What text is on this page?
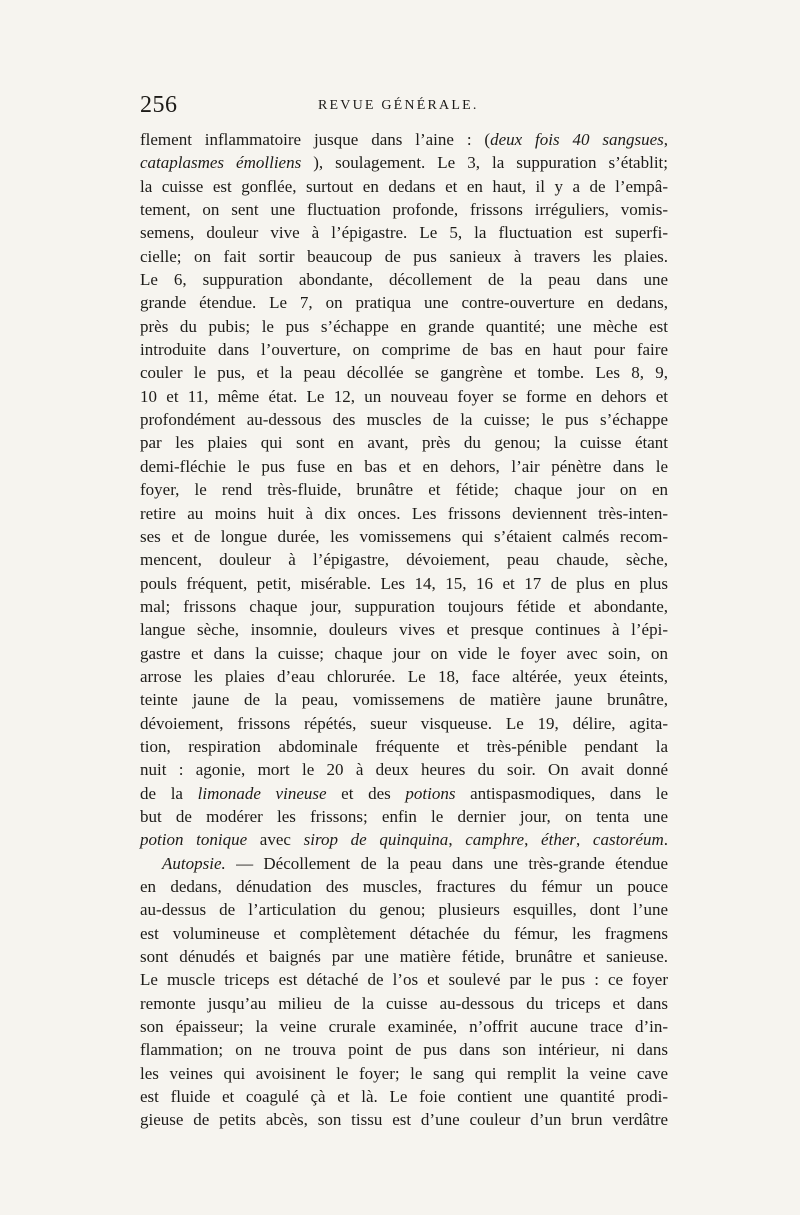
256	REVUE GÉNÉRALE.
flement inflammatoire jusque dans l’aine : (deux fois 40 sangsues,
cataplasmes émolliens ), soulagement. Le 3, la suppuration s’établit;
la cuisse est gonflée, surtout en dedans et en haut, il y a de l’empâ-
tement, on sent une fluctuation profonde, frissons irréguliers, vomis-
semens, douleur vive à l’épigastre. Le 5, la fluctuation est superfi-
cielle; on fait sortir beaucoup de pus sanieux à travers les plaies.
Le 6, suppuration abondante, décollement de la peau dans une
grande étendue. Le 7, on pratiqua une contre-ouverture en dedans,
près du pubis; le pus s’échappe en grande quantité; une mèche est
introduite dans l’ouverture, on comprime de bas en haut pour faire
couler le pus, et la peau décollée se gangrène et tombe. Les 8, 9,
10 et 11, même état. Le 12, un nouveau foyer se forme en dehors et
profondément au-dessous des muscles de la cuisse; le pus s’échappe
par les plaies qui sont en avant, près du genou; la cuisse étant
demi-fléchie le pus fuse en bas et en dehors, l’air pénètre dans le
foyer, le rend très-fluide, brunâtre et fétide; chaque jour on en
retire au moins huit à dix onces. Les frissons deviennent très-inten-
ses et de longue durée, les vomissemens qui s’étaient calmés recom-
mencent, douleur à l’épigastre, dévoiement, peau chaude, sèche,
pouls fréquent, petit, misérable. Les 14, 15, 16 et 17 de plus en plus
mal; frissons chaque jour, suppuration toujours fétide et abondante,
langue sèche, insomnie, douleurs vives et presque continues à l’épi-
gastre et dans la cuisse; chaque jour on vide le foyer avec soin, on
arrose les plaies d’eau chlorurée. Le 18, face altérée, yeux éteints,
teinte jaune de la peau, vomissemens de matière jaune brunâtre,
dévoiement, frissons répétés, sueur visqueuse. Le 19, délire, agita-
tion, respiration abdominale fréquente et très-pénible pendant la
nuit : agonie, mort le 20 à deux heures du soir. On avait donné
de la limonade vineuse et des potions antispasmodiques, dans le
but de modérer les frissons; enfin le dernier jour, on tenta une
potion tonique avec sirop de quinquina, camphre, éther, castoréum.
Autopsie. — Décollement de la peau dans une très-grande étendue
en dedans, dénudation des muscles, fractures du fémur un pouce
au-dessus de l’articulation du genou; plusieurs esquilles, dont l’une
est volumineuse et complètement détachée du fémur, les fragmens
sont dénudés et baignés par une matière fétide, brunâtre et sanieuse.
Le muscle triceps est détaché de l’os et soulevé par le pus : ce foyer
remonte jusqu’au milieu de la cuisse au-dessous du triceps et dans
son épaisseur; la veine crurale examinée, n’offrit aucune trace d’in-
flammation; on ne trouva point de pus dans son intérieur, ni dans
les veines qui avoisinent le foyer; le sang qui remplit la veine cave
est fluide et coagulé çà et là. Le foie contient une quantité prodi-
gieuse de petits abcès, son tissu est d’une couleur d’un brun verdâtre
